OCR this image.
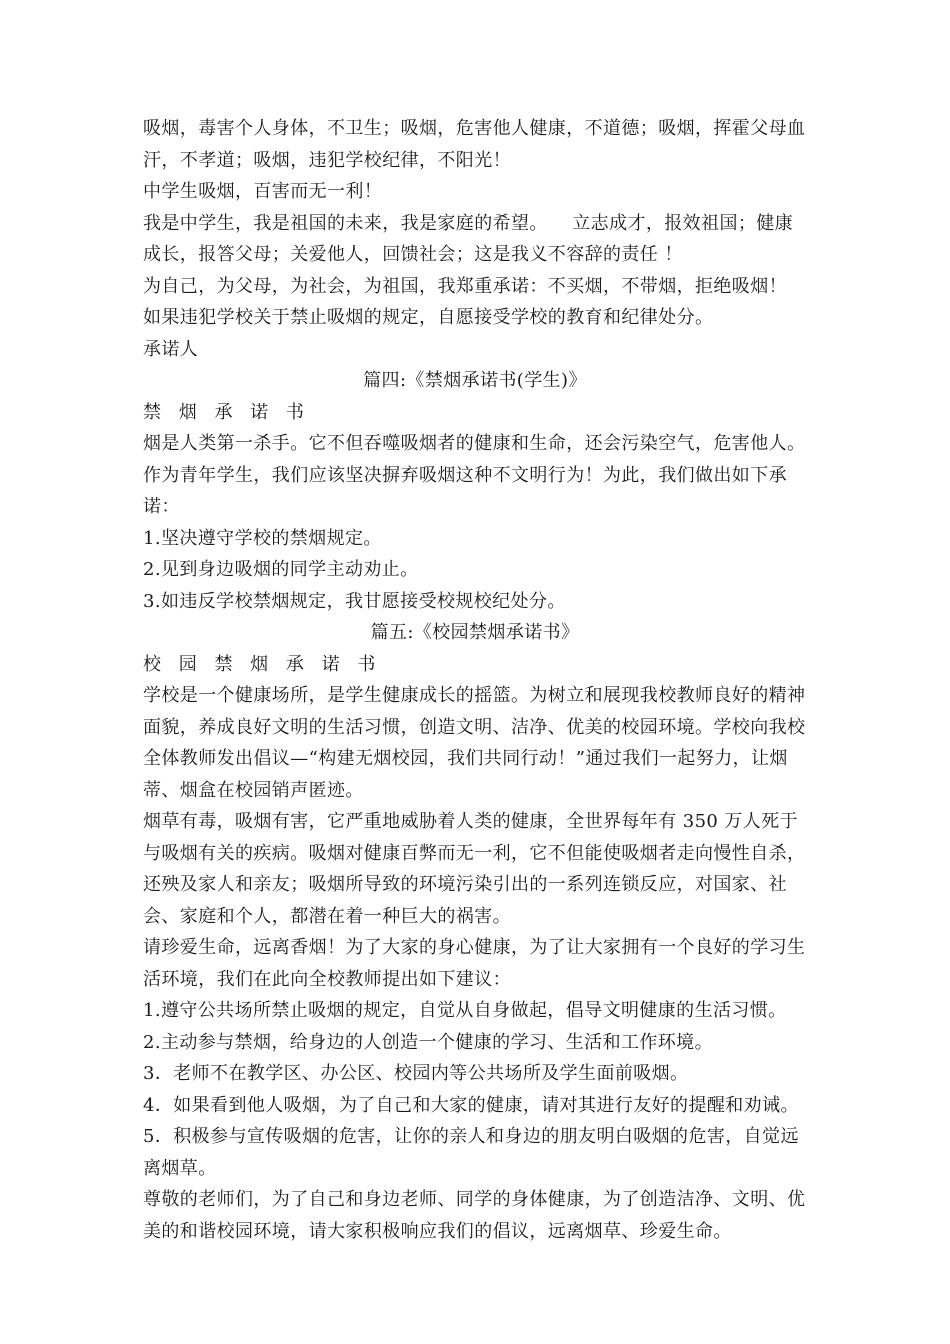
吸烟，毒害个人身体，不卫生；吸烟，危害他人健康，不道德；吸烟，挥霍父母血汗，不孝道；吸烟，违犯学校纪律，不阳光！

中学生吸烟，百害而无一利！

我是中学生，我是祖国的未来，我是家庭的希望。    立志成才，报效祖国；健康成长，报答父母；关爱他人，回馈社会；这是我义不容辞的责任 ！

为自己，为父母，为社会，为祖国，我郑重承诺：不买烟，不带烟，拒绝吸烟！

如果违犯学校关于禁止吸烟的规定，自愿接受学校的教育和纪律处分。

承诺人

篇四:《禁烟承诺书(学生)》

禁 烟 承 诺 书

烟是人类第一杀手。它不但吞噬吸烟者的健康和生命，还会污染空气，危害他人。作为青年学生，我们应该坚决摒弃吸烟这种不文明行为！为此，我们做出如下承诺：

1.坚决遵守学校的禁烟规定。

2.见到身边吸烟的同学主动劝止。

3.如违反学校禁烟规定，我甘愿接受校规校纪处分。

篇五:《校园禁烟承诺书》

校 园 禁 烟 承 诺 书

学校是一个健康场所，是学生健康成长的摇篮。为树立和展现我校教师良好的精神面貌，养成良好文明的生活习惯，创造文明、洁净、优美的校园环境。学校向我校全体教师发出倡议—“构建无烟校园，我们共同行动！”通过我们一起努力，让烟蒂、烟盒在校园销声匿迹。

烟草有毒，吸烟有害，它严重地威胁着人类的健康，全世界每年有 350 万人死于与吸烟有关的疾病。吸烟对健康百弊而无一利，它不但能使吸烟者走向慢性自杀，还殃及家人和亲友；吸烟所导致的环境污染引出的一系列连锁反应，对国家、社会、家庭和个人，都潜在着一种巨大的祸害。

请珍爱生命，远离香烟！为了大家的身心健康，为了让大家拥有一个良好的学习生活环境，我们在此向全校教师提出如下建议：

1.遵守公共场所禁止吸烟的规定，自觉从自身做起，倡导文明健康的生活习惯。

2.主动参与禁烟，给身边的人创造一个健康的学习、生活和工作环境。

3．老师不在教学区、办公区、校园内等公共场所及学生面前吸烟。

4．如果看到他人吸烟，为了自己和大家的健康，请对其进行友好的提醒和劝诫。

5．积极参与宣传吸烟的危害，让你的亲人和身边的朋友明白吸烟的危害，自觉远离烟草。

尊敬的老师们，为了自己和身边老师、同学的身体健康，为了创造洁净、文明、优美的和谐校园环境，请大家积极响应我们的倡议，远离烟草、珍爱生命。
